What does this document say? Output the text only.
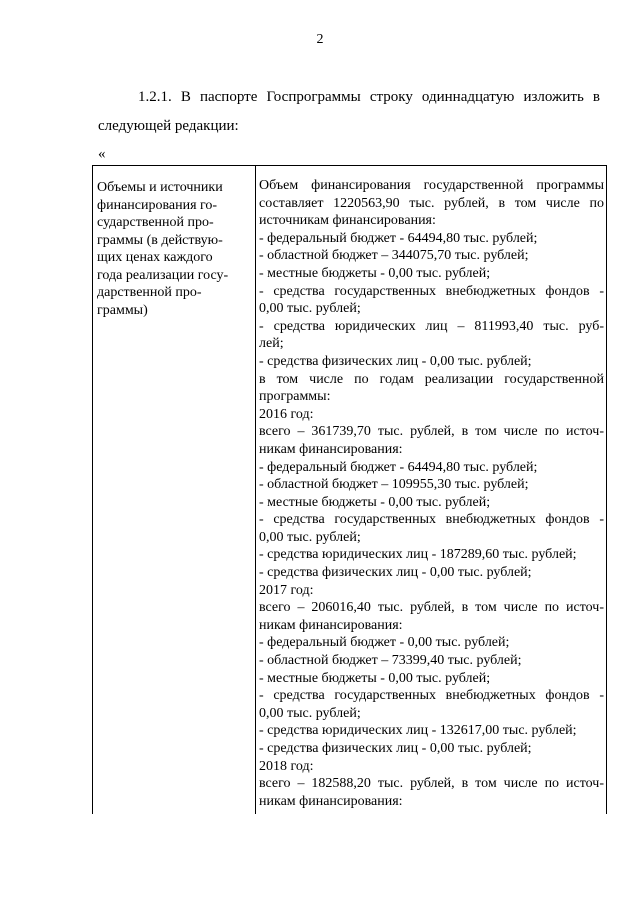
2
1.2.1. В паспорте Госпрограммы строку одиннадцатую изложить в
следующей редакции:
«
Объемы и источники
финансирования го-
сударственной про-
граммы (в действую-
щих ценах каждого
года реализации госу-
дарственной про-
граммы)
Объем финансирования государственной программы
составляет 1220563,90 тыс. рублей, в том числе по
источникам финансирования:
- федеральный бюджет - 64494,80 тыс. рублей;
- областной бюджет – 344075,70 тыс. рублей;
- местные бюджеты - 0,00 тыс. рублей;
- средства государственных внебюджетных фондов -
0,00 тыс. рублей;
- средства юридических лиц – 811993,40 тыс. руб-
лей;
- средства физических лиц - 0,00 тыс. рублей;
в том числе по годам реализации государственной
программы:
2016 год:
всего – 361739,70 тыс. рублей, в том числе по источ-
никам финансирования:
- федеральный бюджет - 64494,80 тыс. рублей;
- областной бюджет – 109955,30 тыс. рублей;
- местные бюджеты - 0,00 тыс. рублей;
- средства государственных внебюджетных фондов -
0,00 тыс. рублей;
- средства юридических лиц - 187289,60 тыс. рублей;
- средства физических лиц - 0,00 тыс. рублей;
2017 год:
всего – 206016,40 тыс. рублей, в том числе по источ-
никам финансирования:
- федеральный бюджет - 0,00 тыс. рублей;
- областной бюджет – 73399,40 тыс. рублей;
- местные бюджеты - 0,00 тыс. рублей;
- средства государственных внебюджетных фондов -
0,00 тыс. рублей;
- средства юридических лиц - 132617,00 тыс. рублей;
- средства физических лиц - 0,00 тыс. рублей;
2018 год:
всего – 182588,20 тыс. рублей, в том числе по источ-
никам финансирования:
